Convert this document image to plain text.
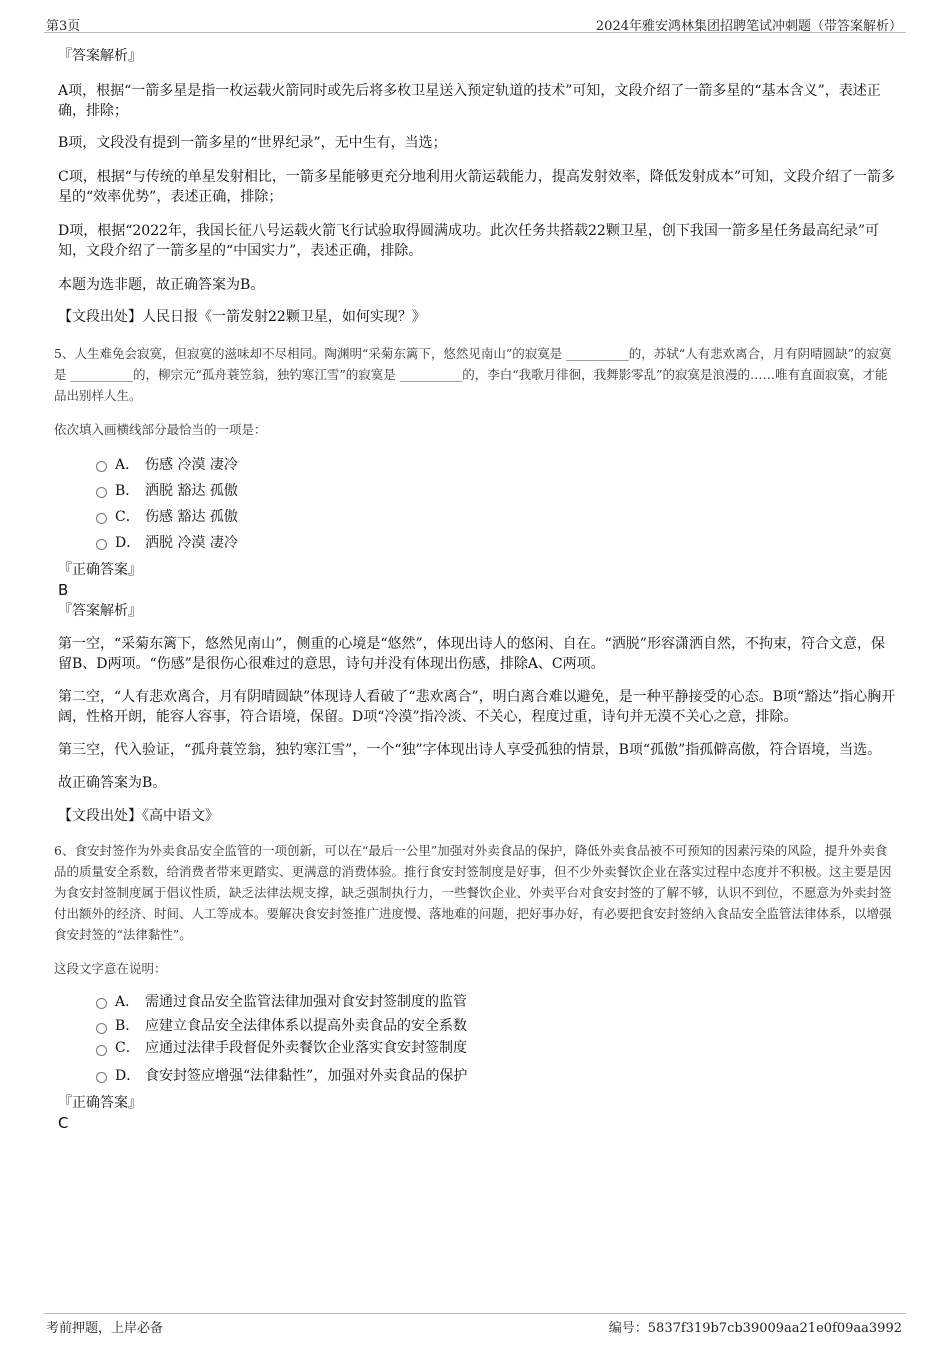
第3页	2024年雅安鸿林集团招聘笔试冲刺题（带答案解析）

『答案解析』

A项，根据“一箭多星是指一枚运载火箭同时或先后将多枚卫星送入预定轨道的技术”可知，文段介绍了一箭多星的“基本含义”，表述正确，排除；

B项，文段没有提到一箭多星的“世界纪录”，无中生有，当选；

C项，根据“与传统的单星发射相比，一箭多星能够更充分地利用火箭运载能力，提高发射效率，降低发射成本”可知，文段介绍了一箭多星的“效率优势”，表述正确，排除；

D项，根据“2022年，我国长征八号运载火箭飞行试验取得圆满成功。此次任务共搭载22颗卫星，创下我国一箭多星任务最高纪录”可知，文段介绍了一箭多星的“中国实力”，表述正确，排除。

本题为选非题，故正确答案为B。

【文段出处】人民日报《一箭发射22颗卫星，如何实现？》

5、人生难免会寂寞，但寂寞的滋味却不尽相同。陶渊明“采菊东篱下，悠然见南山”的寂寞是 __________的，苏轼“人有悲欢离合，月有阴晴圆缺”的寂寞是 __________的，柳宗元“孤舟蓑笠翁，独钓寒江雪”的寂寞是 __________的，李白“我歌月徘徊，我舞影零乱”的寂寞是浪漫的……唯有直面寂寞，才能品出别样人生。

依次填入画横线部分最恰当的一项是：

A． 伤感 冷漠 凄冷
B． 洒脱 豁达 孤傲
C． 伤感 豁达 孤傲
D． 洒脱 冷漠 凄冷

『正确答案』

B

『答案解析』

第一空，“采菊东篱下，悠然见南山”，侧重的心境是“悠然”，体现出诗人的悠闲、自在。“洒脱”形容潇洒自然，不拘束，符合文意，保留B、D两项。“伤感”是很伤心很难过的意思，诗句并没有体现出伤感，排除A、C两项。

第二空，“人有悲欢离合，月有阴晴圆缺”体现诗人看破了“悲欢离合”，明白离合难以避免，是一种平静接受的心态。B项“豁达”指心胸开阔，性格开朗，能容人容事，符合语境，保留。D项“冷漠”指冷淡、不关心，程度过重，诗句并无漠不关心之意，排除。

第三空，代入验证，“孤舟蓑笠翁，独钓寒江雪”，一个“独”字体现出诗人享受孤独的情景，B项“孤傲”指孤僻高傲，符合语境，当选。

故正确答案为B。

【文段出处】《高中语文》

6、食安封签作为外卖食品安全监管的一项创新，可以在“最后一公里”加强对外卖食品的保护，降低外卖食品被不可预知的因素污染的风险，提升外卖食品的质量安全系数，给消费者带来更踏实、更满意的消费体验。推行食安封签制度是好事，但不少外卖餐饮企业在落实过程中态度并不积极。这主要是因为食安封签制度属于倡议性质，缺乏法律法规支撑，缺乏强制执行力，一些餐饮企业、外卖平台对食安封签的了解不够，认识不到位，不愿意为外卖封签付出额外的经济、时间、人工等成本。要解决食安封签推广进度慢、落地难的问题，把好事办好，有必要把食安封签纳入食品安全监管法律体系，以增强食安封签的“法律黏性”。

这段文字意在说明：

A． 需通过食品安全监管法律加强对食安封签制度的监管
B． 应建立食品安全法律体系以提高外卖食品的安全系数
C． 应通过法律手段督促外卖餐饮企业落实食安封签制度
D． 食安封签应增强“法律黏性”，加强对外卖食品的保护

『正确答案』

C

考前押题，上岸必备	编号：5837f319b7cb39009aa21e0f09aa3992
